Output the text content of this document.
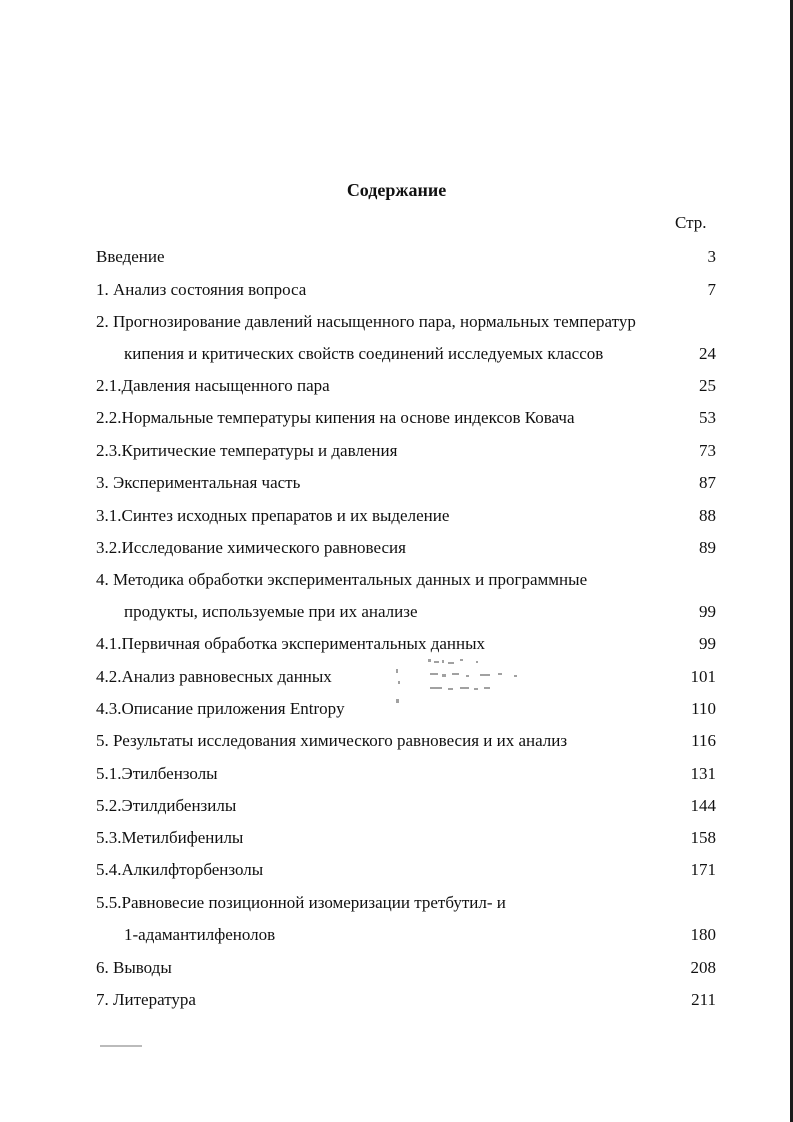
Содержание
Стр.
Введение	3
1. Анализ состояния вопроса	7
2. Прогнозирование давлений насыщенного пара, нормальных температур
кипения и критических свойств соединений исследуемых классов	24
2.1.Давления насыщенного пара	25
2.2.Нормальные температуры кипения на основе индексов Ковача	53
2.3.Критические температуры и давления	73
3. Экспериментальная часть	87
3.1.Синтез исходных препаратов и их выделение	88
3.2.Исследование химического равновесия	89
4. Методика обработки экспериментальных данных и программные
продукты, используемые при их анализе	99
4.1.Первичная обработка экспериментальных данных	99
4.2.Анализ равновесных данных	101
4.3.Описание приложения Entropy	110
5. Результаты исследования химического равновесия и их анализ	116
5.1.Этилбензолы	131
5.2.Этилдибензилы	144
5.3.Метилбифенилы	158
5.4.Алкилфторбензолы	171
5.5.Равновесие позиционной изомеризации третбутил- и
1-адамантилфенолов	180
6. Выводы	208
7. Литература	211
